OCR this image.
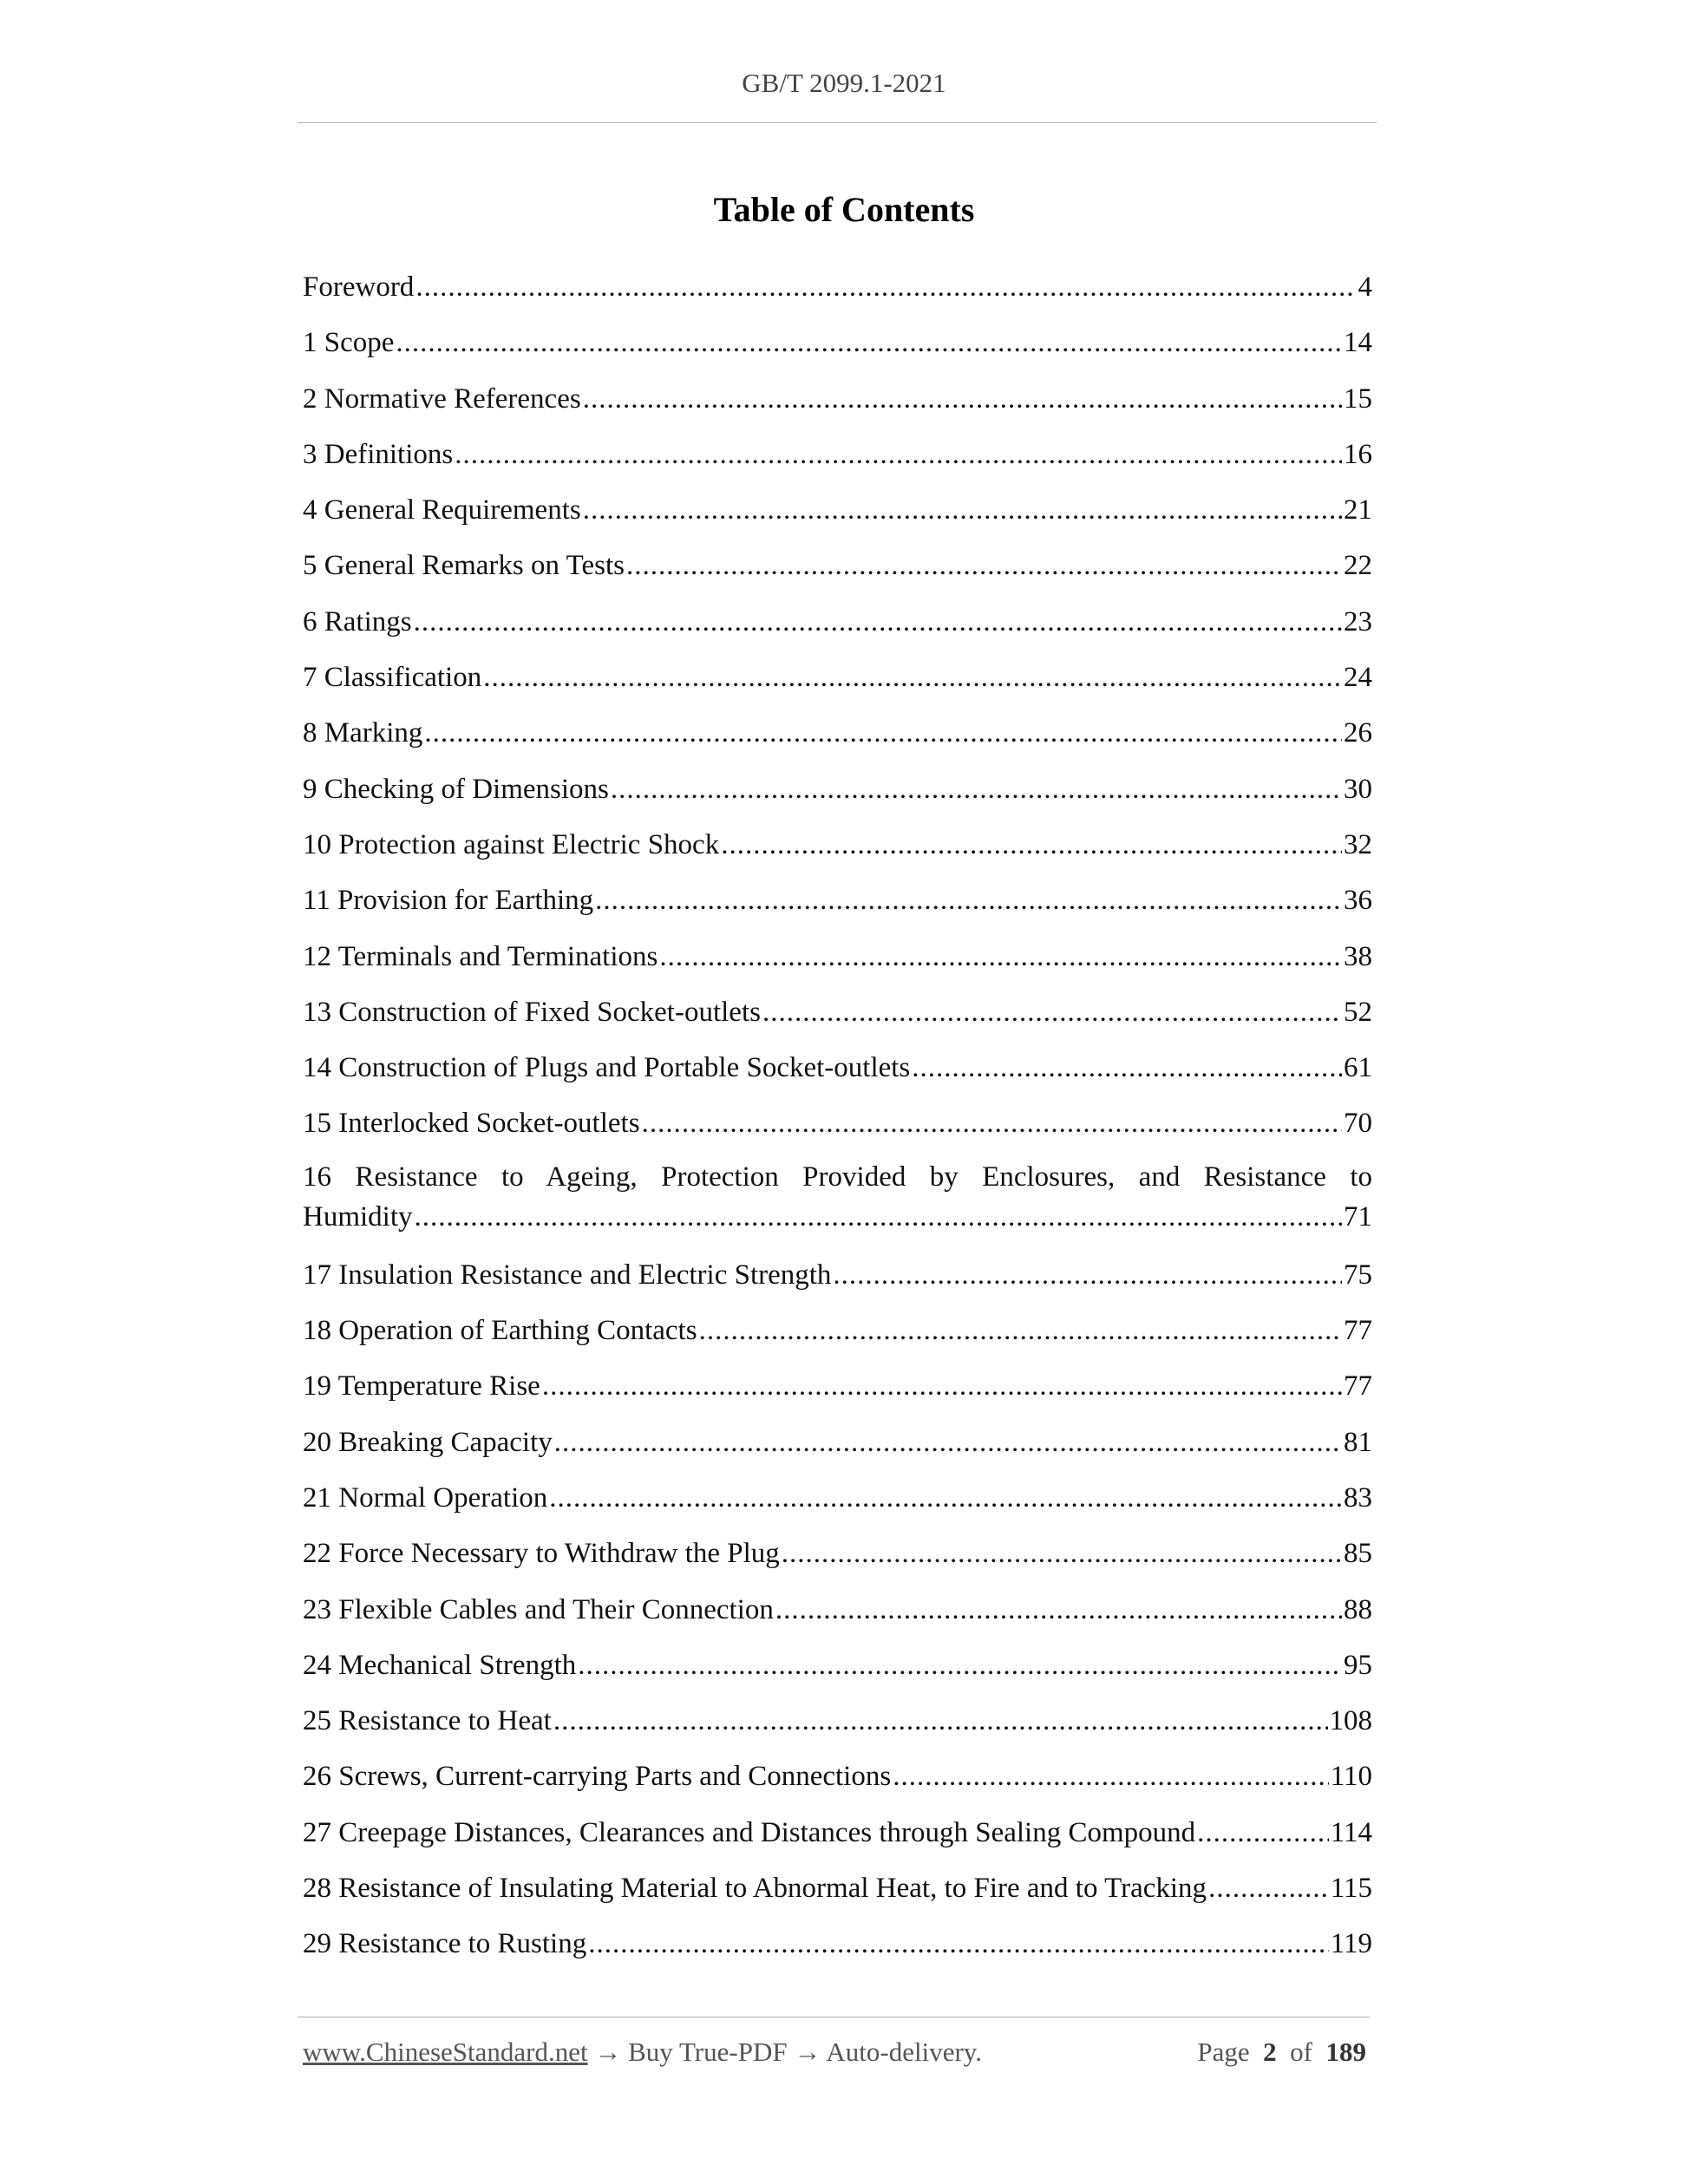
GB/T 2099.1-2021
Table of Contents
Foreword .....	4
1 Scope .....	14
2 Normative References .....	15
3 Definitions .....	16
4 General Requirements .....	21
5 General Remarks on Tests .....	22
6 Ratings .....	23
7 Classification .....	24
8 Marking .....	26
9 Checking of Dimensions .....	30
10 Protection against Electric Shock .....	32
11 Provision for Earthing .....	36
12 Terminals and Terminations .....	38
13 Construction of Fixed Socket-outlets .....	52
14 Construction of Plugs and Portable Socket-outlets .....	61
15 Interlocked Socket-outlets .....	70
16 Resistance to Ageing, Protection Provided by Enclosures, and Resistance to
Humidity .....	71
17 Insulation Resistance and Electric Strength .....	75
18 Operation of Earthing Contacts .....	77
19 Temperature Rise .....	77
20 Breaking Capacity .....	81
21 Normal Operation .....	83
22 Force Necessary to Withdraw the Plug .....	85
23 Flexible Cables and Their Connection .....	88
24 Mechanical Strength .....	95
25 Resistance to Heat .....	108
26 Screws, Current-carrying Parts and Connections .....	110
27 Creepage Distances, Clearances and Distances through Sealing Compound .....	114
28 Resistance of Insulating Material to Abnormal Heat, to Fire and to Tracking .....	115
29 Resistance to Rusting .....	119
www.ChineseStandard.net → Buy True-PDF → Auto-delivery.	Page 2 of 189
